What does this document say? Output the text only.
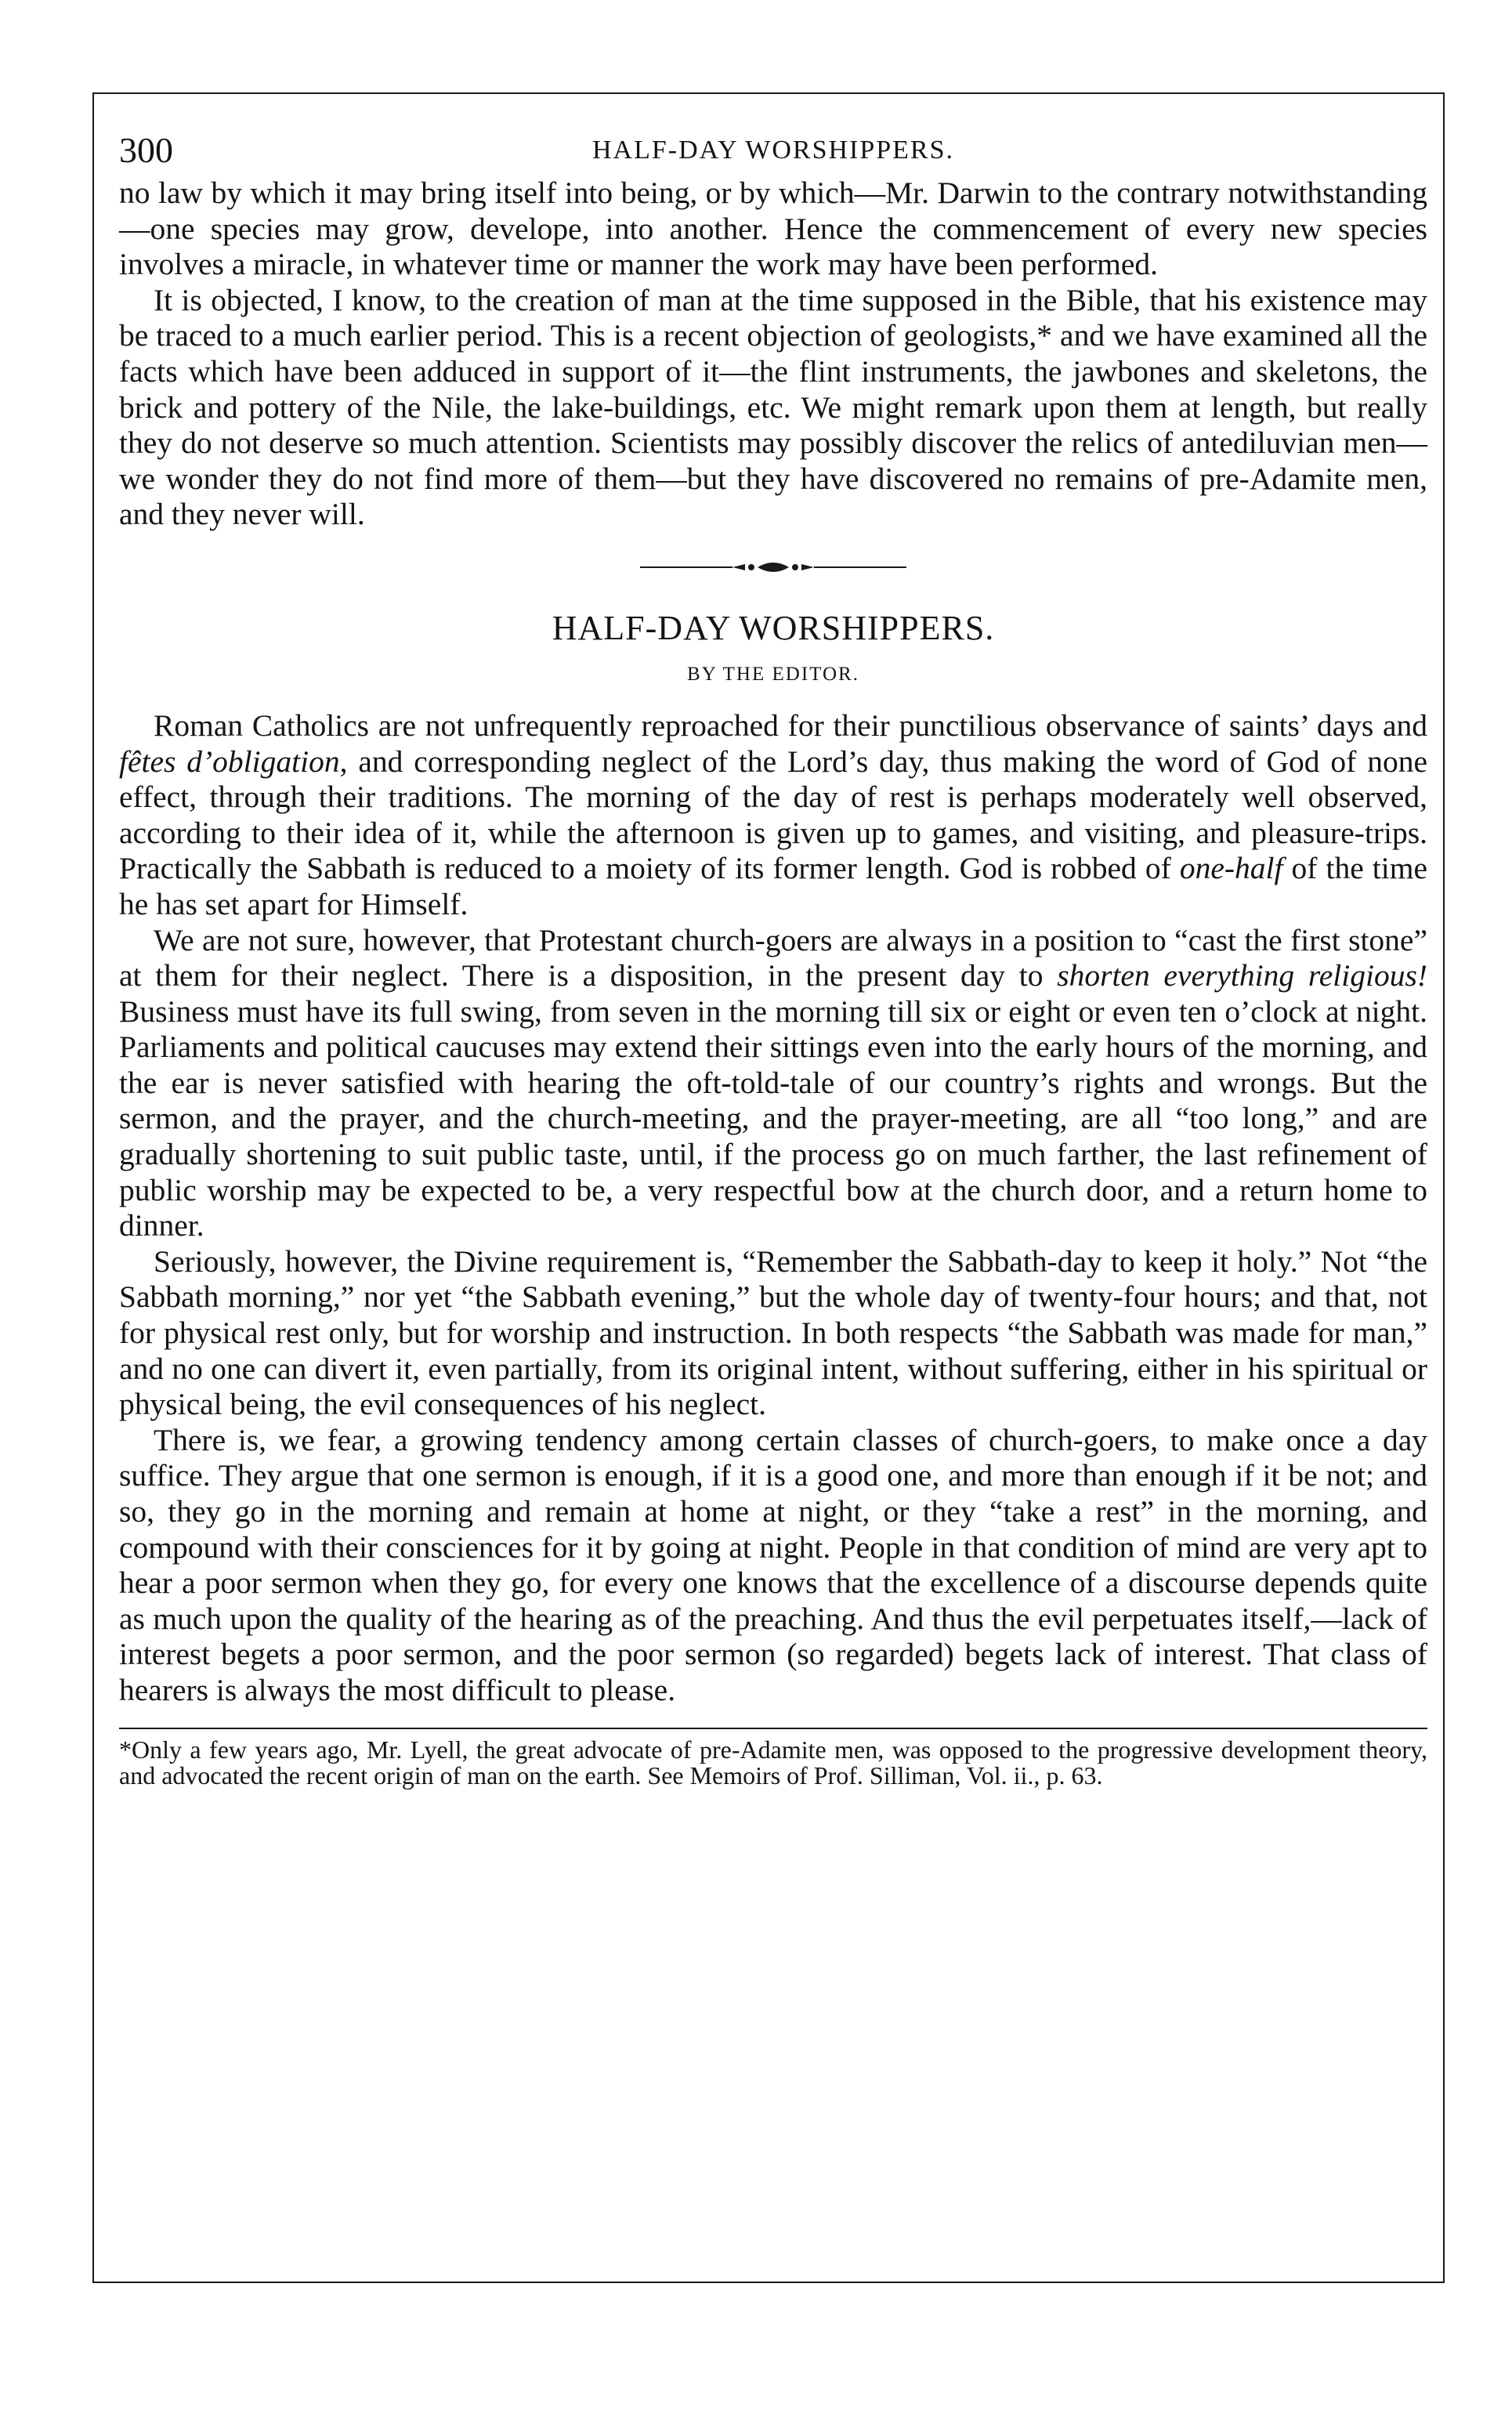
300	HALF-DAY WORSHIPPERS.

no law by which it may bring itself into being, or by which—Mr. Darwin to the contrary notwithstanding—one species may grow, develope, into another. Hence the commencement of every new species involves a miracle, in whatever time or manner the work may have been performed.

It is objected, I know, to the creation of man at the time supposed in the Bible, that his existence may be traced to a much earlier period. This is a recent objection of geologists,* and we have examined all the facts which have been adduced in support of it—the flint instruments, the jawbones and skeletons, the brick and pottery of the Nile, the lake-buildings, etc. We might remark upon them at length, but really they do not deserve so much attention. Scientists may possibly discover the relics of antediluvian men—we wonder they do not find more of them—but they have discovered no remains of pre-Adamite men, and they never will.

HALF-DAY WORSHIPPERS.
BY THE EDITOR.

Roman Catholics are not unfrequently reproached for their punctilious observance of saints’ days and fêtes d’obligation, and corresponding neglect of the Lord’s day, thus making the word of God of none effect, through their traditions. The morning of the day of rest is perhaps moderately well observed, according to their idea of it, while the afternoon is given up to games, and visiting, and pleasure-trips. Practically the Sabbath is reduced to a moiety of its former length. God is robbed of one-half of the time he has set apart for Himself.

We are not sure, however, that Protestant church-goers are always in a position to “cast the first stone” at them for their neglect. There is a disposition, in the present day to shorten everything religious! Business must have its full swing, from seven in the morning till six or eight or even ten o’clock at night. Parliaments and political caucuses may extend their sittings even into the early hours of the morning, and the ear is never satisfied with hearing the oft-told-tale of our country’s rights and wrongs. But the sermon, and the prayer, and the church-meeting, and the prayer-meeting, are all “too long,” and are gradually shortening to suit public taste, until, if the process go on much farther, the last refinement of public worship may be expected to be, a very respectful bow at the church door, and a return home to dinner.

Seriously, however, the Divine requirement is, “Remember the Sabbath-day to keep it holy.” Not “the Sabbath morning,” nor yet “the Sabbath evening,” but the whole day of twenty-four hours; and that, not for physical rest only, but for worship and instruction. In both respects “the Sabbath was made for man,” and no one can divert it, even partially, from its original intent, without suffering, either in his spiritual or physical being, the evil consequences of his neglect.

There is, we fear, a growing tendency among certain classes of church-goers, to make once a day suffice. They argue that one sermon is enough, if it is a good one, and more than enough if it be not; and so, they go in the morning and remain at home at night, or they “take a rest” in the morning, and compound with their consciences for it by going at night. People in that condition of mind are very apt to hear a poor sermon when they go, for every one knows that the excellence of a discourse depends quite as much upon the quality of the hearing as of the preaching. And thus the evil perpetuates itself,—lack of interest begets a poor sermon, and the poor sermon (so regarded) begets lack of interest. That class of hearers is always the most difficult to please.

*Only a few years ago, Mr. Lyell, the great advocate of pre-Adamite men, was opposed to the progressive development theory, and advocated the recent origin of man on the earth. See Memoirs of Prof. Silliman, Vol. ii., p. 63.
